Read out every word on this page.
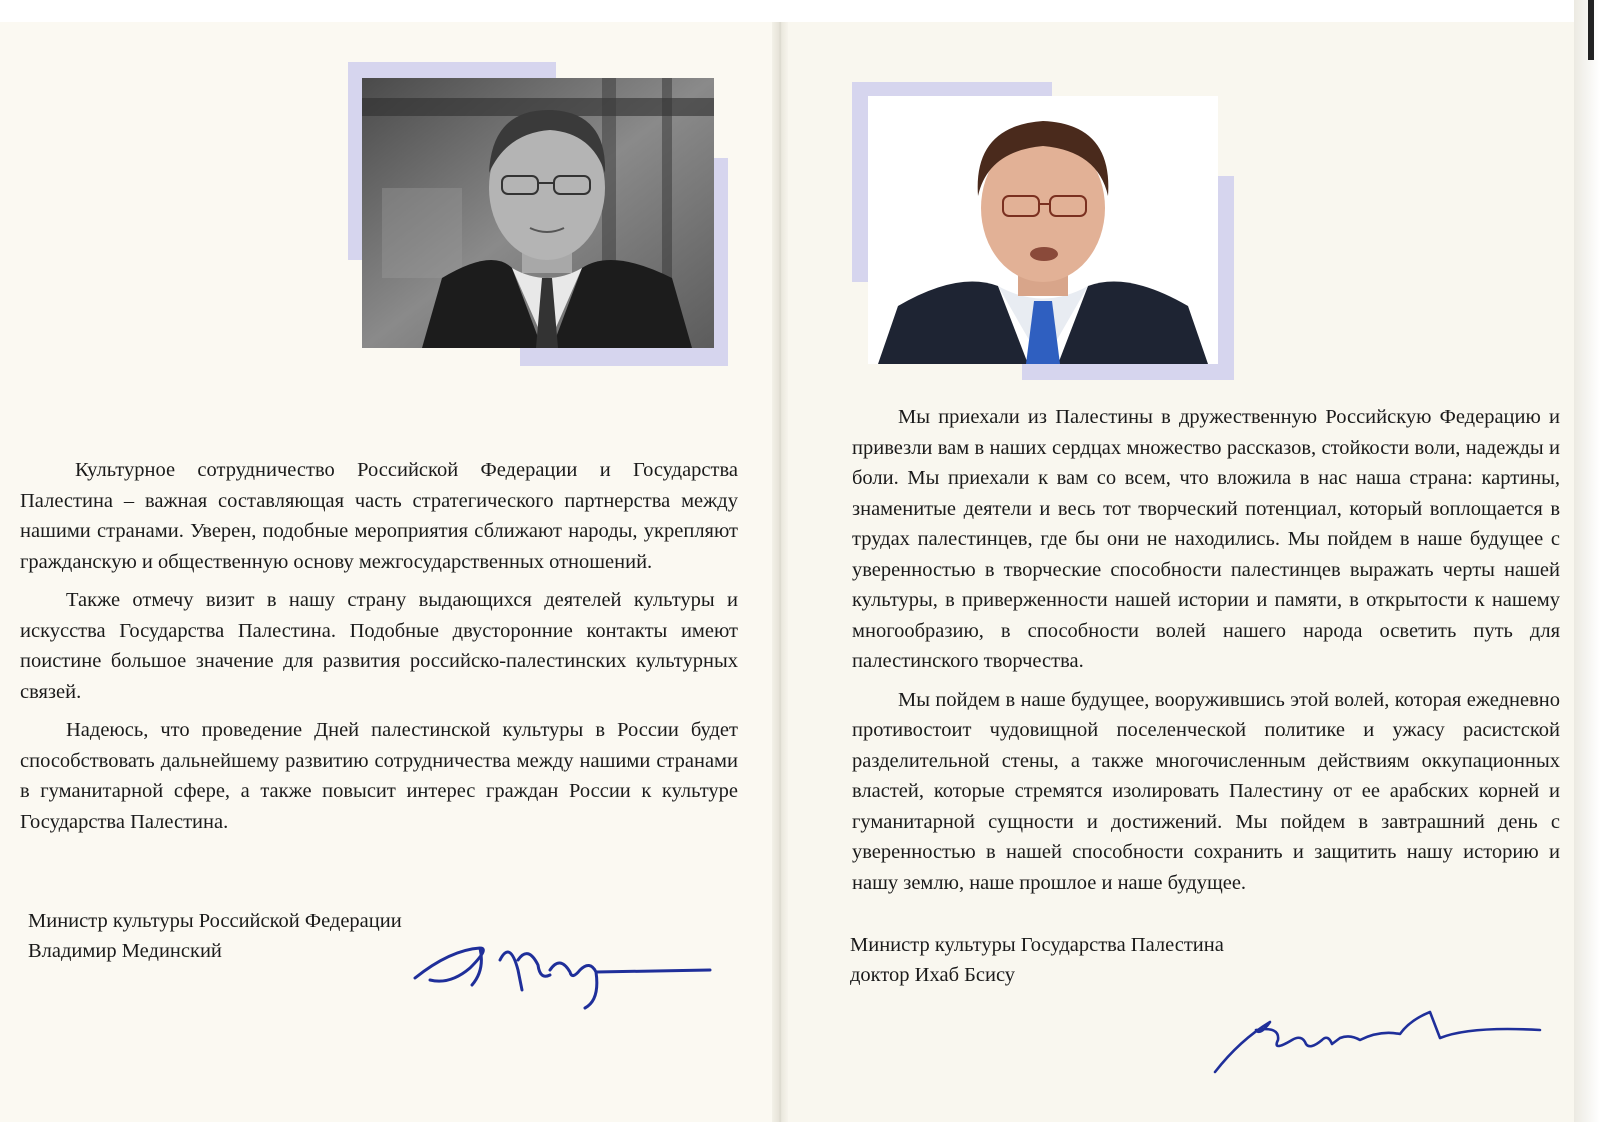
Культурное сотрудничество Российской Федерации и Государства Палестина – важная составляющая часть стратегического партнерства между нашими странами. Уверен, подобные мероприятия сближают народы, укрепляют гражданскую и общественную основу межгосударственных отношений.

Также отмечу визит в нашу страну выдающихся деятелей культуры и искусства Государства Палестина. Подобные двусторонние контакты имеют поистине большое значение для развития российско-палестинских культурных связей.

Надеюсь, что проведение Дней палестинской культуры в России будет способствовать дальнейшему развитию сотрудничества между нашими странами в гуманитарной сфере, а также повысит интерес граждан России к культуре Государства Палестина.

Министр культуры Российской Федерации
Владимир Мединский

Мы приехали из Палестины в дружественную Российскую Федерацию и привезли вам в наших сердцах множество рассказов, стойкости воли, надежды и боли. Мы приехали к вам со всем, что вложила в нас наша страна: картины, знаменитые деятели и весь тот творческий потенциал, который воплощается в трудах палестинцев, где бы они не находились. Мы пойдем в наше будущее с уверенностью в творческие способности палестинцев выражать черты нашей культуры, в приверженности нашей истории и памяти, в открытости к нашему многообразию, в способности волей нашего народа осветить путь для палестинского творчества.

Мы пойдем в наше будущее, вооружившись этой волей, которая ежедневно противостоит чудовищной поселенческой политике и ужасу расистской разделительной стены, а также многочисленным действиям оккупационных властей, которые стремятся изолировать Палестину от ее арабских корней и гуманитарной сущности и достижений. Мы пойдем в завтрашний день с уверенностью в нашей способности сохранить и защитить нашу историю и нашу землю, наше прошлое и наше будущее.

Министр культуры Государства Палестина
доктор Ихаб Бсису
